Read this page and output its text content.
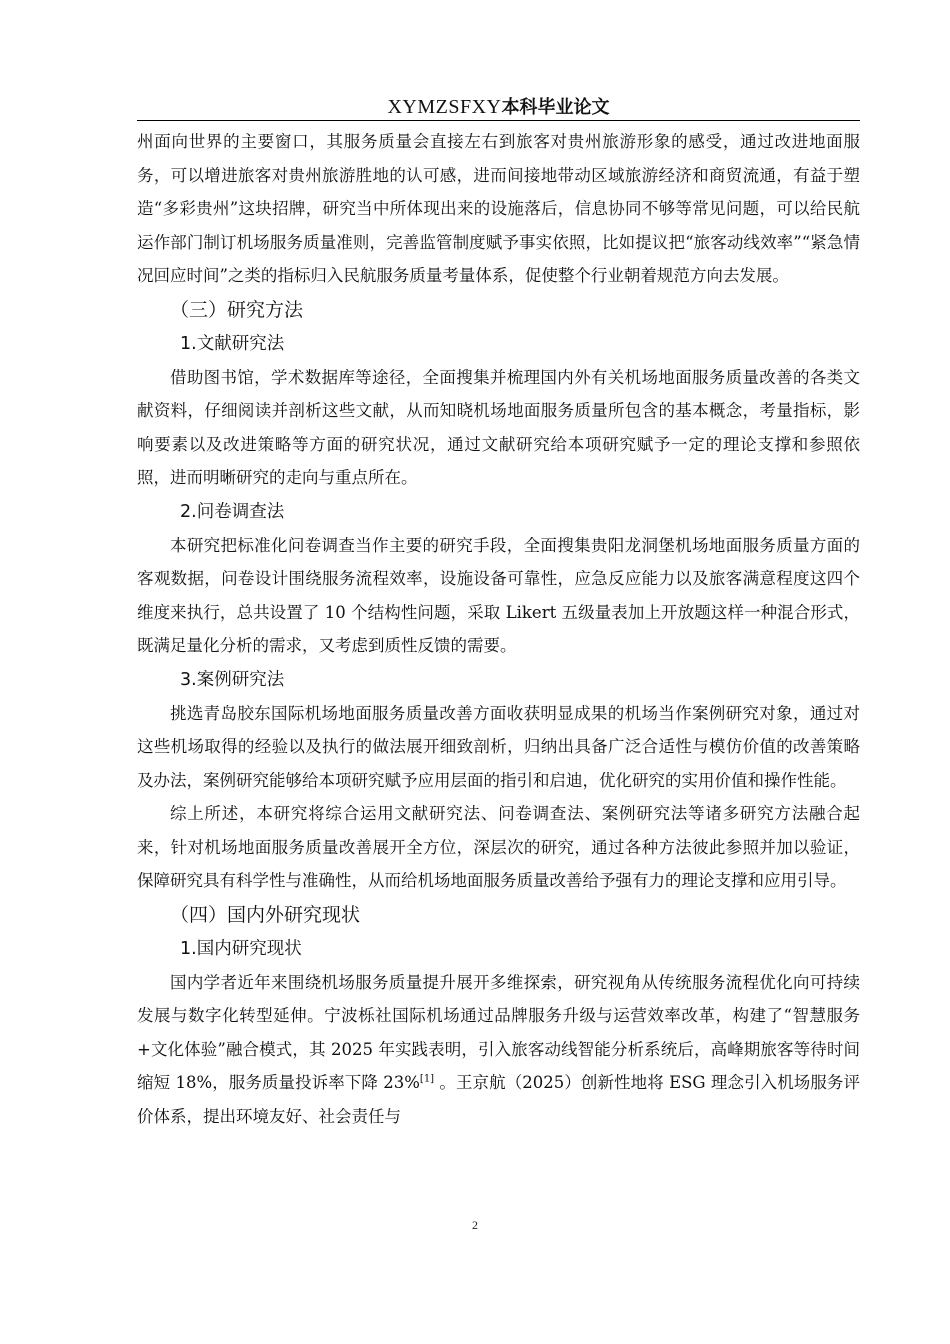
XYMZSFXY本科毕业论文

州面向世界的主要窗口，其服务质量会直接左右到旅客对贵州旅游形象的感受，通过改进地面服务，可以增进旅客对贵州旅游胜地的认可感，进而间接地带动区域旅游经济和商贸流通，有益于塑造“多彩贵州”这块招牌，研究当中所体现出来的设施落后，信息协同不够等常见问题，可以给民航运作部门制订机场服务质量准则，完善监管制度赋予事实依照，比如提议把“旅客动线效率”“紧急情况回应时间”之类的指标归入民航服务质量考量体系，促使整个行业朝着规范方向去发展。

（三）研究方法

1.文献研究法

借助图书馆，学术数据库等途径，全面搜集并梳理国内外有关机场地面服务质量改善的各类文献资料，仔细阅读并剖析这些文献，从而知晓机场地面服务质量所包含的基本概念，考量指标，影响要素以及改进策略等方面的研究状况，通过文献研究给本项研究赋予一定的理论支撑和参照依照，进而明晰研究的走向与重点所在。

2.问卷调查法

本研究把标准化问卷调查当作主要的研究手段，全面搜集贵阳龙洞堡机场地面服务质量方面的客观数据，问卷设计围绕服务流程效率，设施设备可靠性，应急反应能力以及旅客满意程度这四个维度来执行，总共设置了 10 个结构性问题，采取 Likert 五级量表加上开放题这样一种混合形式，既满足量化分析的需求，又考虑到质性反馈的需要。

3.案例研究法

挑选青岛胶东国际机场地面服务质量改善方面收获明显成果的机场当作案例研究对象，通过对这些机场取得的经验以及执行的做法展开细致剖析，归纳出具备广泛合适性与模仿价值的改善策略及办法，案例研究能够给本项研究赋予应用层面的指引和启迪，优化研究的实用价值和操作性能。

综上所述，本研究将综合运用文献研究法、问卷调查法、案例研究法等诸多研究方法融合起来，针对机场地面服务质量改善展开全方位，深层次的研究，通过各种方法彼此参照并加以验证，保障研究具有科学性与准确性，从而给机场地面服务质量改善给予强有力的理论支撑和应用引导。

（四）国内外研究现状

1.国内研究现状

国内学者近年来围绕机场服务质量提升展开多维探索，研究视角从传统服务流程优化向可持续发展与数字化转型延伸。宁波栎社国际机场通过品牌服务升级与运营效率改革，构建了“智慧服务+文化体验”融合模式，其 2025 年实践表明，引入旅客动线智能分析系统后，高峰期旅客等待时间缩短 18%，服务质量投诉率下降 23%[1] 。王京航（2025）创新性地将 ESG 理念引入机场服务评价体系，提出环境友好、社会责任与

2
